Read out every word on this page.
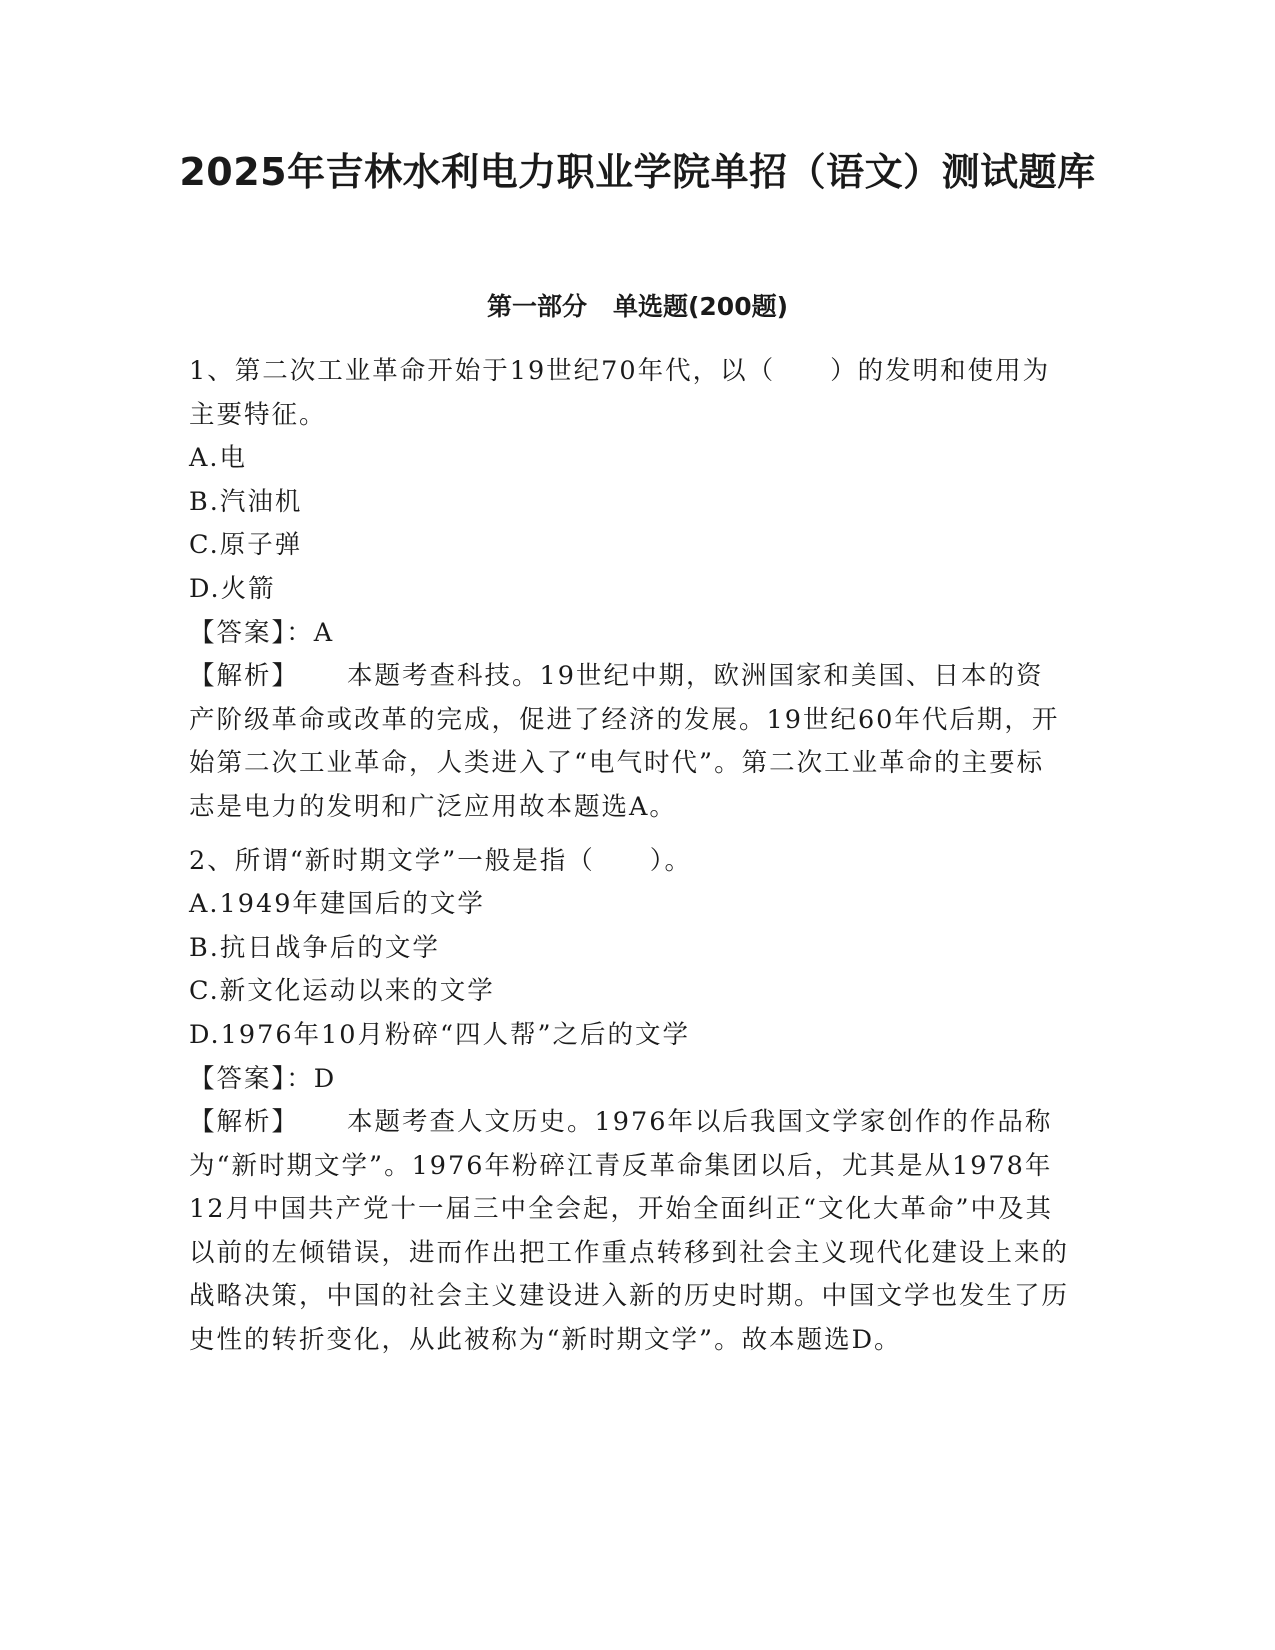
2025年吉林水利电力职业学院单招（语文）测试题库
第一部分 单选题(200题)

1、第二次工业革命开始于19世纪70年代，以（　　）的发明和使用为主要特征。

A.电

B.汽油机

C.原子弹

D.火箭

【答案】：A

【解析】 本题考查科技。19世纪中期，欧洲国家和美国、日本的资产阶级革命或改革的完成，促进了经济的发展。19世纪60年代后期，开始第二次工业革命，人类进入了“电气时代”。第二次工业革命的主要标志是电力的发明和广泛应用故本题选A。

2、所谓“新时期文学”一般是指（　　）。

A.1949年建国后的文学

B.抗日战争后的文学

C.新文化运动以来的文学

D.1976年10月粉碎“四人帮”之后的文学

【答案】：D

【解析】 本题考查人文历史。1976年以后我国文学家创作的作品称为“新时期文学”。1976年粉碎江青反革命集团以后，尤其是从1978年12月中国共产党十一届三中全会起，开始全面纠正“文化大革命”中及其以前的左倾错误，进而作出把工作重点转移到社会主义现代化建设上来的战略决策，中国的社会主义建设进入新的历史时期。中国文学也发生了历史性的转折变化，从此被称为“新时期文学”。故本题选D。
